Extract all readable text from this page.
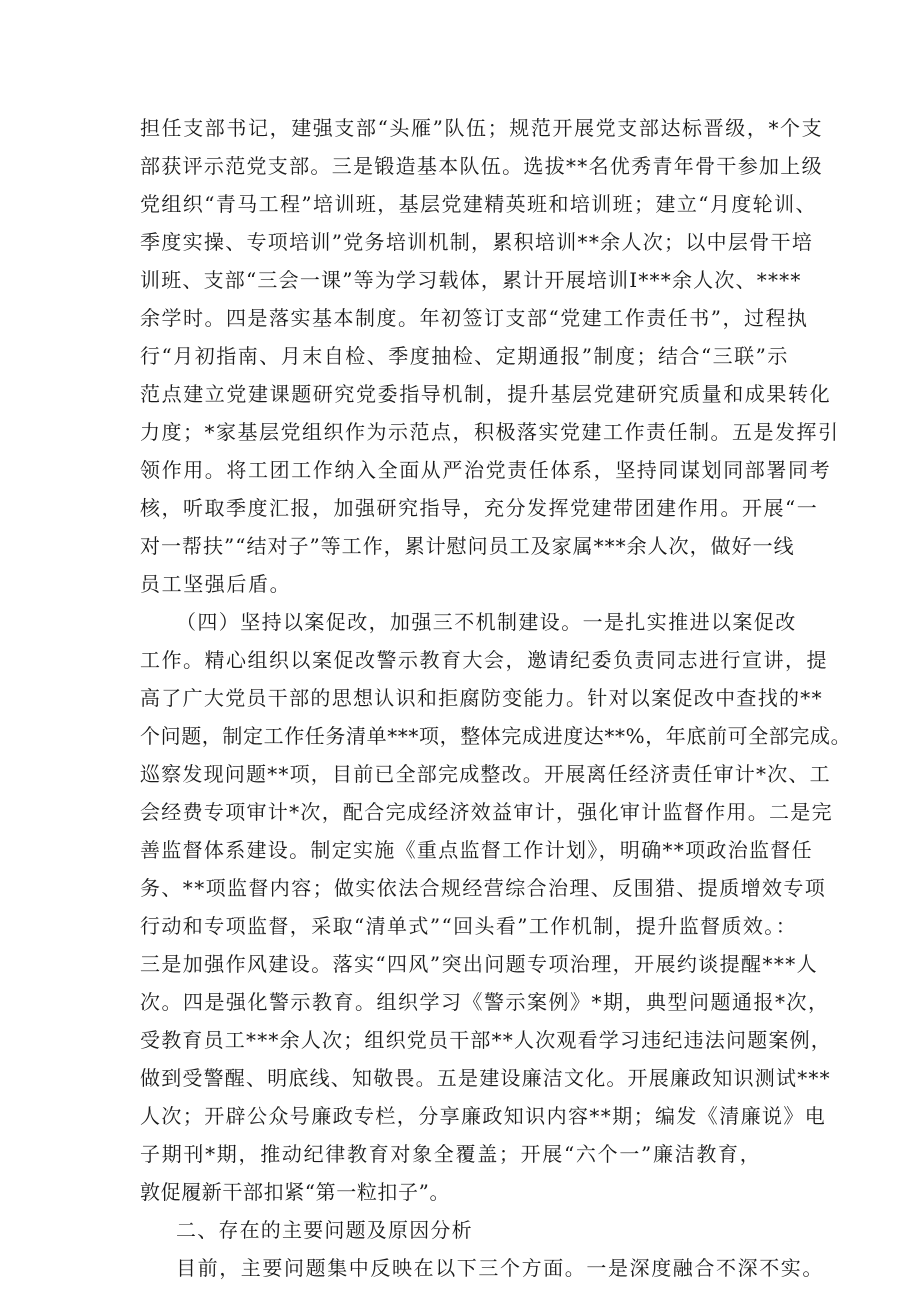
担任支部书记，建强支部“头雁”队伍；规范开展党支部达标晋级，*个支

部获评示范党支部。三是锻造基本队伍。选拔**名优秀青年骨干参加上级

党组织“青马工程”培训班，基层党建精英班和培训班；建立“月度轮训、

季度实操、专项培训”党务培训机制，累积培训**余人次；以中层骨干培

训班、支部“三会一课”等为学习载体，累计开展培训I***余人次、****

余学时。四是落实基本制度。年初签订支部“党建工作责任书”，过程执

行“月初指南、月末自检、季度抽检、定期通报”制度；结合“三联”示

范点建立党建课题研究党委指导机制，提升基层党建研究质量和成果转化

力度；*家基层党组织作为示范点，积极落实党建工作责任制。五是发挥引

领作用。将工团工作纳入全面从严治党责任体系，坚持同谋划同部署同考

核，听取季度汇报，加强研究指导，充分发挥党建带团建作用。开展“一

对一帮扶”“结对子”等工作，累计慰问员工及家属***余人次，做好一线

员工坚强后盾。

（四）坚持以案促改，加强三不机制建设。一是扎实推进以案促改

工作。精心组织以案促改警示教育大会，邀请纪委负责同志进行宣讲，提

高了广大党员干部的思想认识和拒腐防变能力。针对以案促改中查找的**

个问题，制定工作任务清单***项，整体完成进度达**%，年底前可全部完成。

巡察发现问题**项，目前已全部完成整改。开展离任经济责任审计*次、工

会经费专项审计*次，配合完成经济效益审计，强化审计监督作用。二是完

善监督体系建设。制定实施《重点监督工作计划》，明确**项政治监督任

务、**项监督内容；做实依法合规经营综合治理、反围猎、提质增效专项

行动和专项监督，采取“清单式”“回头看”工作机制，提升监督质效。：

三是加强作风建设。落实“四风”突出问题专项治理，开展约谈提醒***人

次。四是强化警示教育。组织学习《警示案例》*期，典型问题通报*次，

受教育员工***余人次；组织党员干部**人次观看学习违纪违法问题案例，

做到受警醒、明底线、知敬畏。五是建设廉洁文化。开展廉政知识测试***

人次；开辟公众号廉政专栏，分享廉政知识内容**期；编发《清廉说》电

子期刊*期，推动纪律教育对象全覆盖；开展“六个一”廉洁教育，

敦促履新干部扣紧“第一粒扣子”。

二、存在的主要问题及原因分析

目前，主要问题集中反映在以下三个方面。一是深度融合不深不实。
